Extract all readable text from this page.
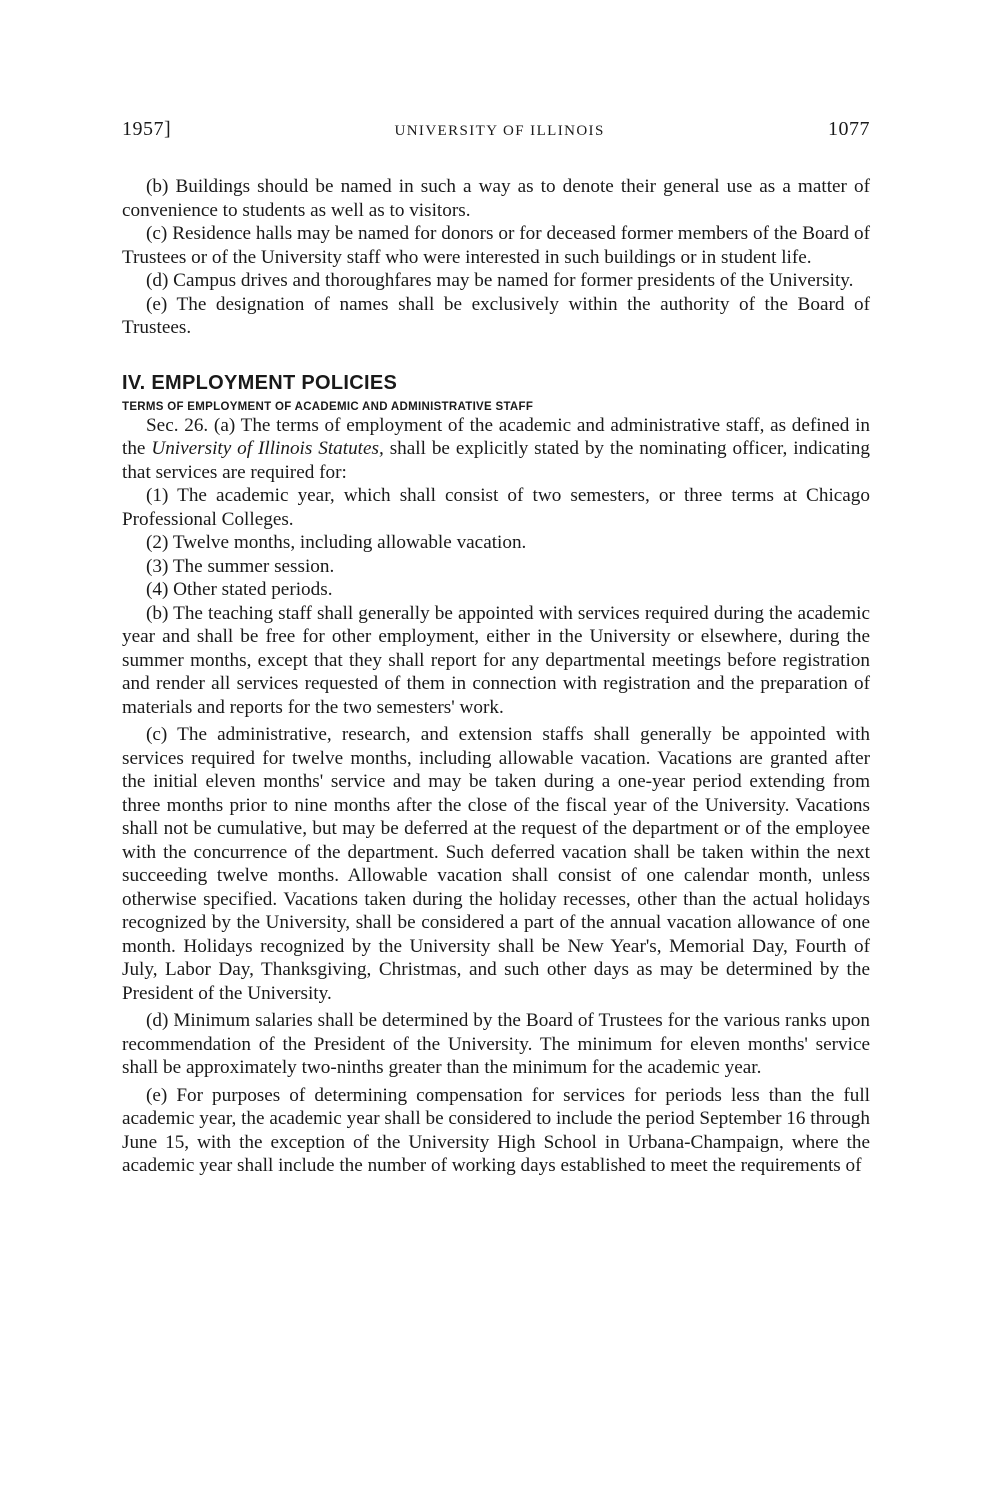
1957]	UNIVERSITY OF ILLINOIS	1077

(b) Buildings should be named in such a way as to denote their general use as a matter of convenience to students as well as to visitors.

(c) Residence halls may be named for donors or for deceased former members of the Board of Trustees or of the University staff who were interested in such buildings or in student life.

(d) Campus drives and thoroughfares may be named for former presidents of the University.

(e) The designation of names shall be exclusively within the authority of the Board of Trustees.

IV. EMPLOYMENT POLICIES
TERMS OF EMPLOYMENT OF ACADEMIC AND ADMINISTRATIVE STAFF

Sec. 26. (a) The terms of employment of the academic and administrative staff, as defined in the University of Illinois Statutes, shall be explicitly stated by the nominating officer, indicating that services are required for:

(1) The academic year, which shall consist of two semesters, or three terms at Chicago Professional Colleges.

(2) Twelve months, including allowable vacation.

(3) The summer session.

(4) Other stated periods.

(b) The teaching staff shall generally be appointed with services required during the academic year and shall be free for other employment, either in the University or elsewhere, during the summer months, except that they shall report for any departmental meetings before registration and render all services requested of them in connection with registration and the preparation of materials and reports for the two semesters' work.

(c) The administrative, research, and extension staffs shall generally be appointed with services required for twelve months, including allowable vacation. Vacations are granted after the initial eleven months' service and may be taken during a one-year period extending from three months prior to nine months after the close of the fiscal year of the University. Vacations shall not be cumulative, but may be deferred at the request of the department or of the employee with the concurrence of the department. Such deferred vacation shall be taken within the next succeeding twelve months. Allowable vacation shall consist of one calendar month, unless otherwise specified. Vacations taken during the holiday recesses, other than the actual holidays recognized by the University, shall be considered a part of the annual vacation allowance of one month. Holidays recognized by the University shall be New Year's, Memorial Day, Fourth of July, Labor Day, Thanksgiving, Christmas, and such other days as may be determined by the President of the University.

(d) Minimum salaries shall be determined by the Board of Trustees for the various ranks upon recommendation of the President of the University. The minimum for eleven months' service shall be approximately two-ninths greater than the minimum for the academic year.

(e) For purposes of determining compensation for services for periods less than the full academic year, the academic year shall be considered to include the period September 16 through June 15, with the exception of the University High School in Urbana-Champaign, where the academic year shall include the number of working days established to meet the requirements of
